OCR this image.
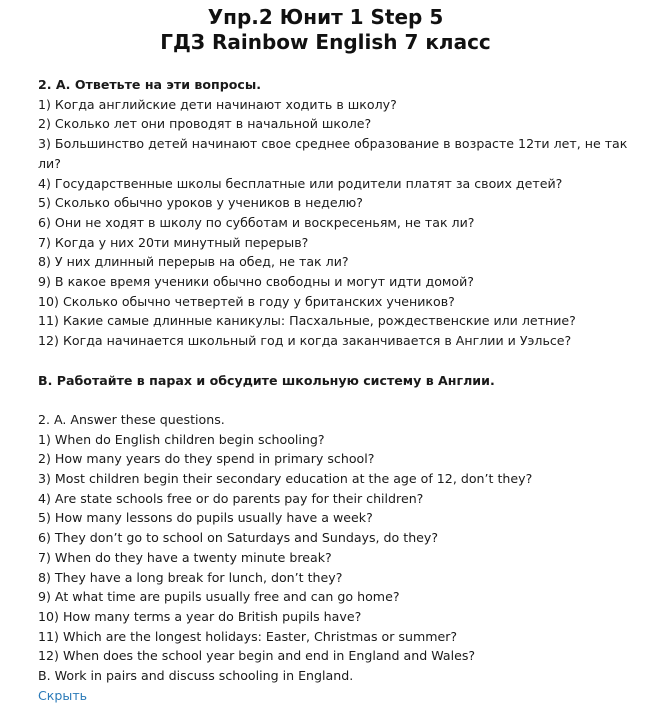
Упр.2 Юнит 1 Step 5
ГДЗ Rainbow English 7 класс
2. А. Ответьте на эти вопросы.
1) Когда английские дети начинают ходить в школу?
2) Сколько лет они проводят в начальной школе?
3) Большинство детей начинают свое среднее образование в возрасте 12ти лет, не так ли?
4) Государственные школы бесплатные или родители платят за своих детей?
5) Сколько обычно уроков у учеников в неделю?
6) Они не ходят в школу по субботам и воскресеньям, не так ли?
7) Когда у них 20ти минутный перерыв?
8) У них длинный перерыв на обед, не так ли?
9) В какое время ученики обычно свободны и могут идти домой?
10) Сколько обычно четвертей в году у британских учеников?
11) Какие самые длинные каникулы: Пасхальные, рождественские или летние?
12) Когда начинается школьный год и когда заканчивается в Англии и Уэльсе?
В. Работайте в парах и обсудите школьную систему в Англии.
2. A. Answer these questions.
1) When do English children begin schooling?
2) How many years do they spend in primary school?
3) Most children begin their secondary education at the age of 12, don’t they?
4) Are state schools free or do parents pay for their children?
5) How many lessons do pupils usually have a week?
6) They don’t go to school on Saturdays and Sundays, do they?
7) When do they have a twenty minute break?
8) They have a long break for lunch, don’t they?
9) At what time are pupils usually free and can go home?
10) How many terms a year do British pupils have?
11) Which are the longest holidays: Easter, Christmas or summer?
12) When does the school year begin and end in England and Wales?
B. Work in pairs and discuss schooling in England.
Скрыть
